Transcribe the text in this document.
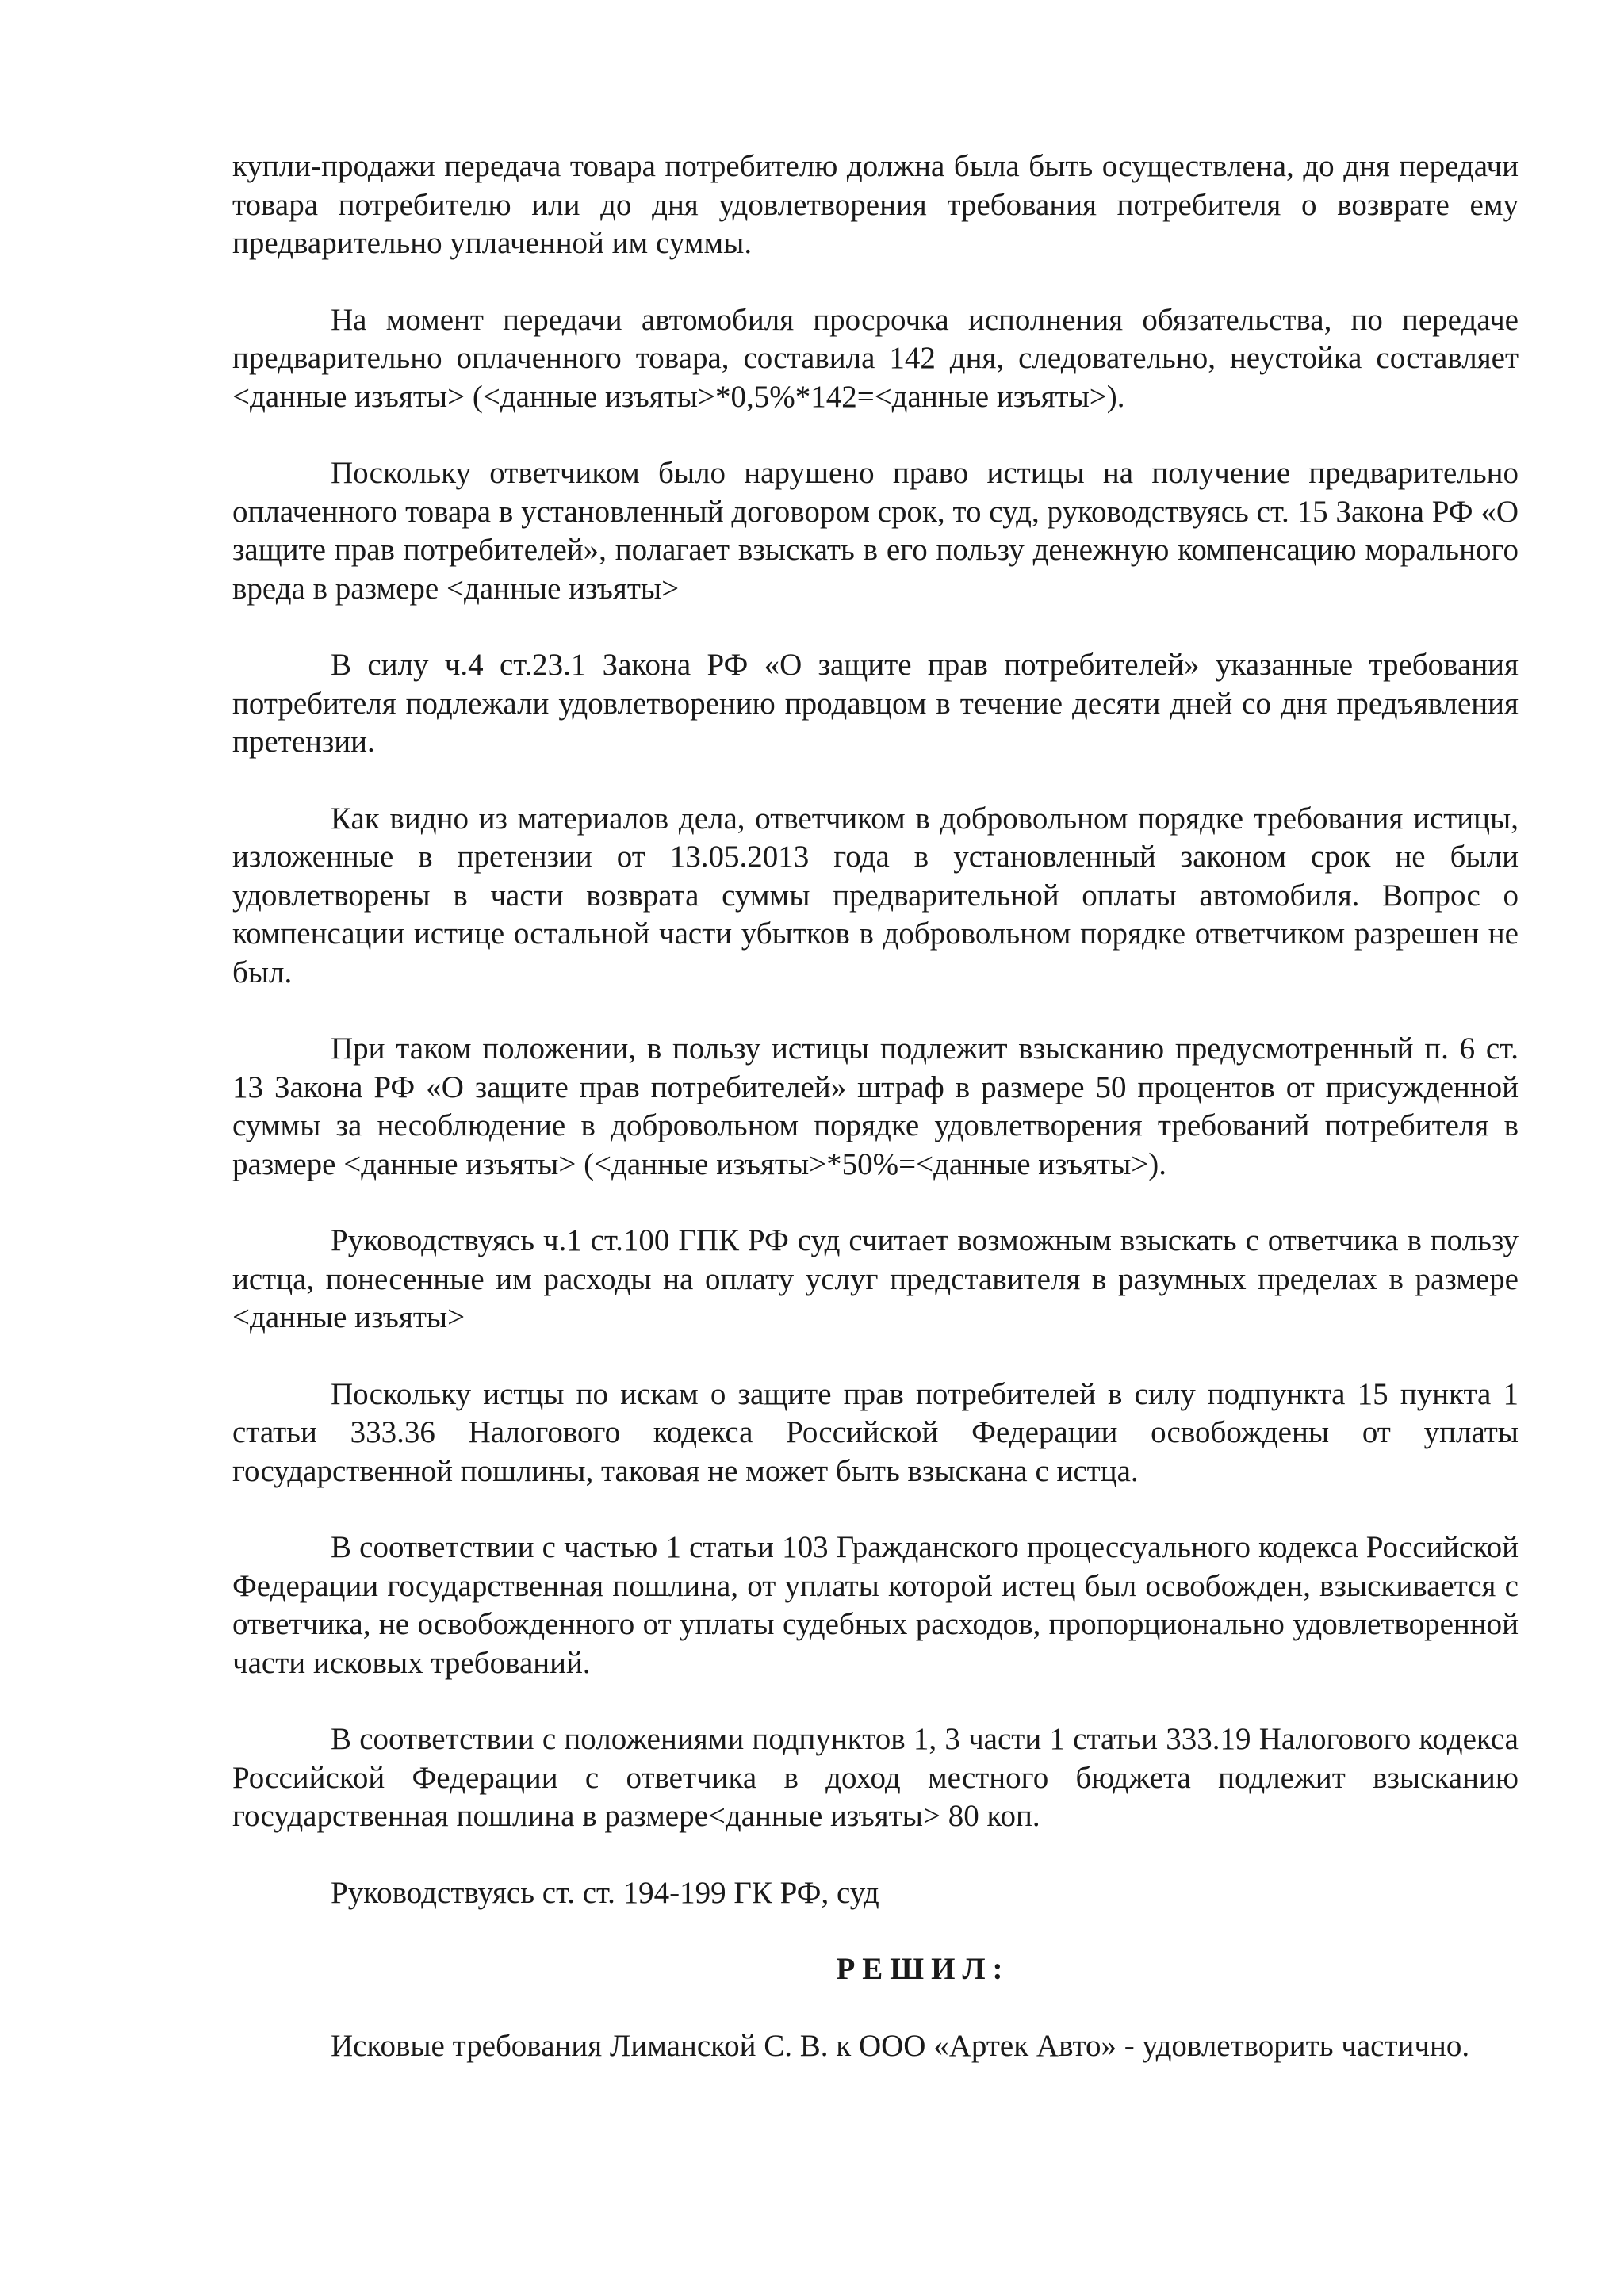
купли-продажи передача товара потребителю должна была быть осуществлена, до дня передачи товара потребителю или до дня удовлетворения требования потребителя о возврате ему предварительно уплаченной им суммы.

На момент передачи автомобиля просрочка исполнения обязательства, по передаче предварительно оплаченного товара, составила 142 дня, следовательно, неустойка составляет <данные изъяты> (<данные изъяты>*0,5%*142=<данные изъяты>).

Поскольку ответчиком было нарушено право истицы на получение предварительно оплаченного товара в установленный договором срок, то суд, руководствуясь ст. 15 Закона РФ «О защите прав потребителей», полагает взыскать в его пользу денежную компенсацию морального вреда в размере <данные изъяты>

В силу ч.4 ст.23.1 Закона РФ «О защите прав потребителей» указанные требования потребителя подлежали удовлетворению продавцом в течение десяти дней со дня предъявления претензии.

Как видно из материалов дела, ответчиком в добровольном порядке требования истицы, изложенные в претензии от 13.05.2013 года в установленный законом срок не были удовлетворены в части возврата суммы предварительной оплаты автомобиля. Вопрос о компенсации истице остальной части убытков в добровольном порядке ответчиком разрешен не был.

При таком положении, в пользу истицы подлежит взысканию предусмотренный п. 6 ст. 13 Закона РФ «О защите прав потребителей» штраф в размере 50 процентов от присужденной суммы за несоблюдение в добровольном порядке удовлетворения требований потребителя в размере <данные изъяты> (<данные изъяты>*50%=<данные изъяты>).

Руководствуясь ч.1 ст.100 ГПК РФ суд считает возможным взыскать с ответчика в пользу истца, понесенные им расходы на оплату услуг представителя в разумных пределах в размере <данные изъяты>

Поскольку истцы по искам о защите прав потребителей в силу подпункта 15 пункта 1 статьи 333.36 Налогового кодекса Российской Федерации освобождены от уплаты государственной пошлины, таковая не может быть взыскана с истца.

В соответствии с частью 1 статьи 103 Гражданского процессуального кодекса Российской Федерации государственная пошлина, от уплаты которой истец был освобожден, взыскивается с ответчика, не освобожденного от уплаты судебных расходов, пропорционально удовлетворенной части исковых требований.

В соответствии с положениями подпунктов 1, 3 части 1 статьи 333.19 Налогового кодекса Российской Федерации с ответчика в доход местного бюджета подлежит взысканию государственная пошлина в размере<данные изъяты> 80 коп.

Руководствуясь ст. ст. 194-199 ГК РФ, суд

РЕШИЛ:

Исковые требования Лиманской С. В. к ООО «Артек Авто» - удовлетворить частично.
